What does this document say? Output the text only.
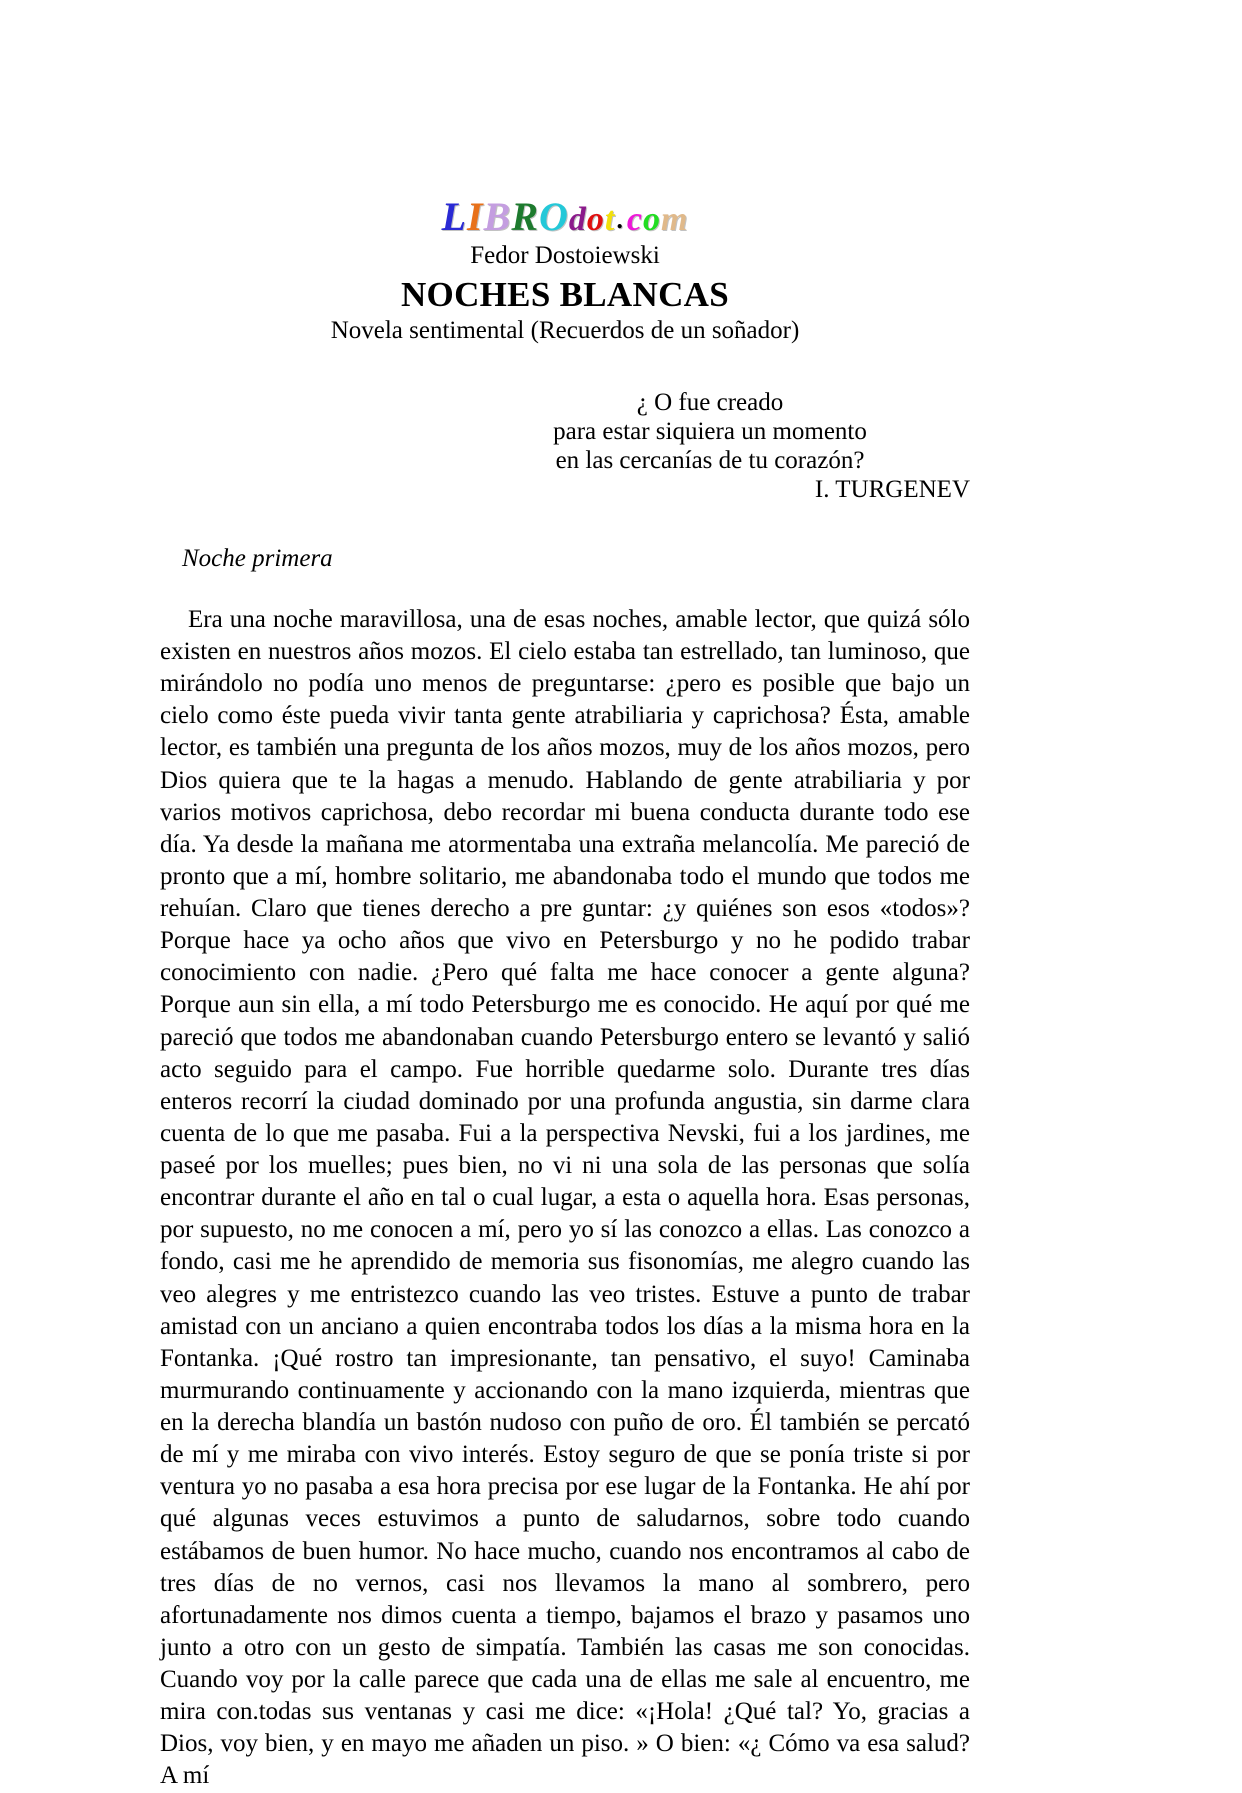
LIBROdot.com
Fedor Dostoiewski
NOCHES BLANCAS
Novela sentimental (Recuerdos de un soñador)
¿ O fue creado
para estar siquiera un momento
en las cercanías de tu corazón?
I. TURGENEV
Noche primera

Era una noche maravillosa, una de esas noches, amable lector, que quizá sólo existen en nuestros años mozos. El cielo estaba tan estrellado, tan luminoso, que mirándolo no podía uno menos de preguntarse: ¿pero es posible que bajo un cielo como éste pueda vivir tanta gente atrabiliaria y caprichosa? Ésta, amable lector, es también una pregunta de los años mozos, muy de los años mozos, pero Dios quiera que te la hagas a menudo. Hablando de gente atrabiliaria y por varios motivos caprichosa, debo recordar mi buena conducta durante todo ese día. Ya desde la mañana me atormentaba una extraña melancolía. Me pareció de pronto que a mí, hombre solitario, me abandonaba todo el mundo que todos me rehuían. Claro que tienes derecho a pre guntar: ¿y quiénes son esos «todos»? Porque hace ya ocho años que vivo en Petersburgo y no he podido trabar conocimiento con nadie. ¿Pero qué falta me hace conocer a gente alguna? Porque aun sin ella, a mí todo Petersburgo me es conocido. He aquí por qué me pareció que todos me abandonaban cuando Petersburgo entero se levantó y salió acto seguido para el campo. Fue horrible quedarme solo. Durante tres días enteros recorrí la ciudad dominado por una profunda angustia, sin darme clara cuenta de lo que me pasaba. Fui a la perspectiva Nevski, fui a los jardines, me paseé por los muelles; pues bien, no vi ni una sola de las personas que solía encontrar durante el año en tal o cual lugar, a esta o aquella hora. Esas personas, por supuesto, no me conocen a mí, pero yo sí las conozco a ellas. Las conozco a fondo, casi me he aprendido de memoria sus fisonomías, me alegro cuando las veo alegres y me entristezco cuando las veo tristes. Estuve a punto de trabar amistad con un anciano a quien encontraba todos los días a la misma hora en la Fontanka. ¡Qué rostro tan impresionante, tan pensativo, el suyo! Caminaba murmurando continuamente y accionando con la mano izquierda, mientras que en la derecha blandía un bastón nudoso con puño de oro. Él también se percató de mí y me miraba con vivo interés. Estoy seguro de que se ponía triste si por ventura yo no pasaba a esa hora precisa por ese lugar de la Fontanka. He ahí por qué algunas veces estuvimos a punto de saludarnos, sobre todo cuando estábamos de buen humor. No hace mucho, cuando nos encontramos al cabo de tres días de no vernos, casi nos llevamos la mano al sombrero, pero afortunadamente nos dimos cuenta a tiempo, bajamos el brazo y pasamos uno junto a otro con un gesto de simpatía. También las casas me son conocidas. Cuando voy por la calle parece que cada una de ellas me sale al encuentro, me mira con.todas sus ventanas y casi me dice: «¡Hola! ¿Qué tal? Yo, gracias a Dios, voy bien, y en mayo me añaden un piso. » O bien: «¿ Cómo va esa salud? A mí
